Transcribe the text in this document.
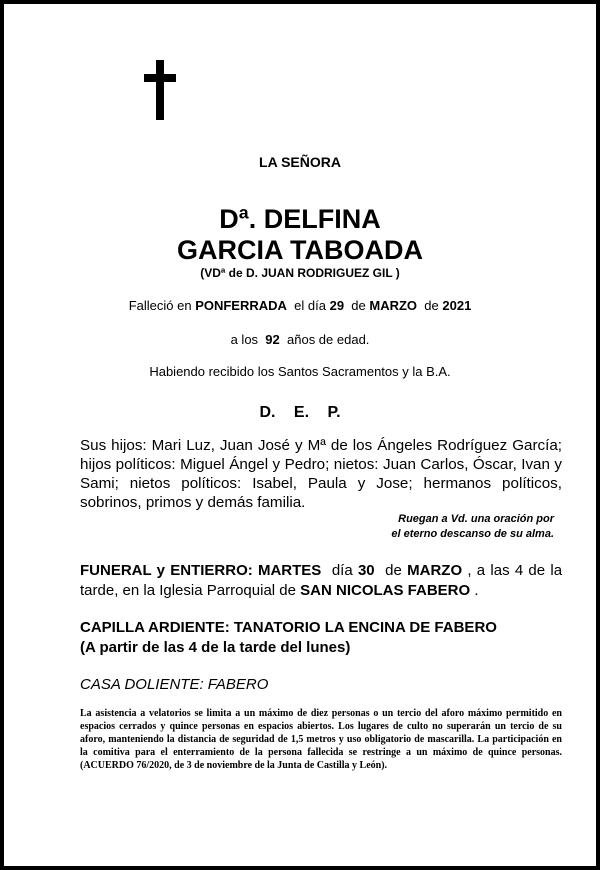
LA SEÑORA
Dª. DELFINA
GARCIA TABOADA
(VDª de D. JUAN RODRIGUEZ GIL )
Falleció en PONFERRADA el día 29 de MARZO de 2021
a los 92 años de edad.
Habiendo recibido los Santos Sacramentos y la B.A.
D. E. P.
Sus hijos: Mari Luz, Juan José y Mª de los Ángeles Rodríguez García; hijos políticos: Miguel Ángel y Pedro; nietos: Juan Carlos, Óscar, Ivan y Sami; nietos políticos: Isabel, Paula y Jose; hermanos políticos, sobrinos, primos y demás familia.
Ruegan a Vd. una oración por
el eterno descanso de su alma.
FUNERAL y ENTIERRO: MARTES día 30 de MARZO , a las 4 de la tarde, en la Iglesia Parroquial de SAN NICOLAS FABERO .
CAPILLA ARDIENTE: TANATORIO LA ENCINA DE FABERO
(A partir de las 4 de la tarde del lunes)
CASA DOLIENTE: FABERO
La asistencia a velatorios se limita a un máximo de diez personas o un tercio del aforo máximo permitido en espacios cerrados y quince personas en espacios abiertos. Los lugares de culto no superarán un tercio de su aforo, manteniendo la distancia de seguridad de 1,5 metros y uso obligatorio de mascarilla. La participación en la comitiva para el enterramiento de la persona fallecida se restringe a un máximo de quince personas. (ACUERDO 76/2020, de 3 de noviembre de la Junta de Castilla y León).
